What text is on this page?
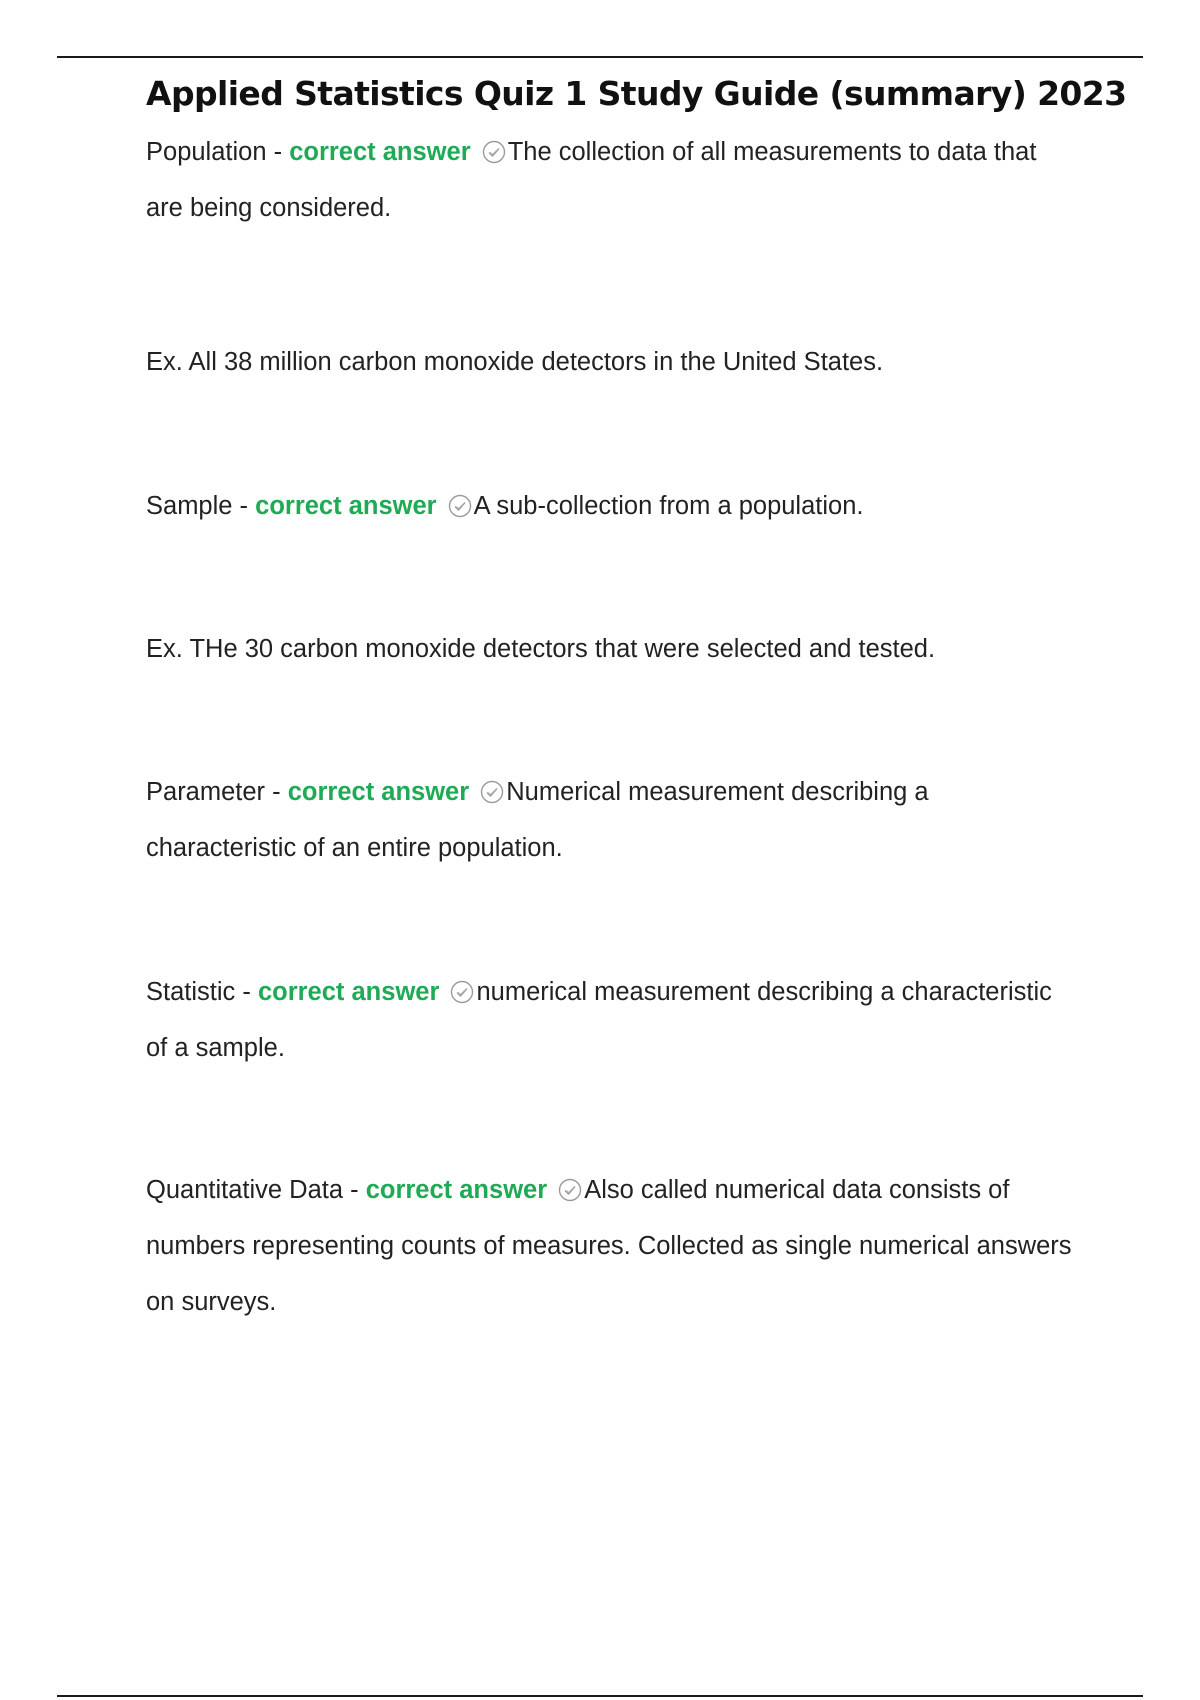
Applied Statistics Quiz 1 Study Guide (summary) 2023

Population - correct answer The collection of all measurements to data that are being considered.

Ex. All 38 million carbon monoxide detectors in the United States.

Sample - correct answer A sub-collection from a population.

Ex. THe 30 carbon monoxide detectors that were selected and tested.

Parameter - correct answer Numerical measurement describing a characteristic of an entire population.

Statistic - correct answer numerical measurement describing a characteristic of a sample.

Quantitative Data - correct answer Also called numerical data consists of numbers representing counts of measures. Collected as single numerical answers on surveys.
